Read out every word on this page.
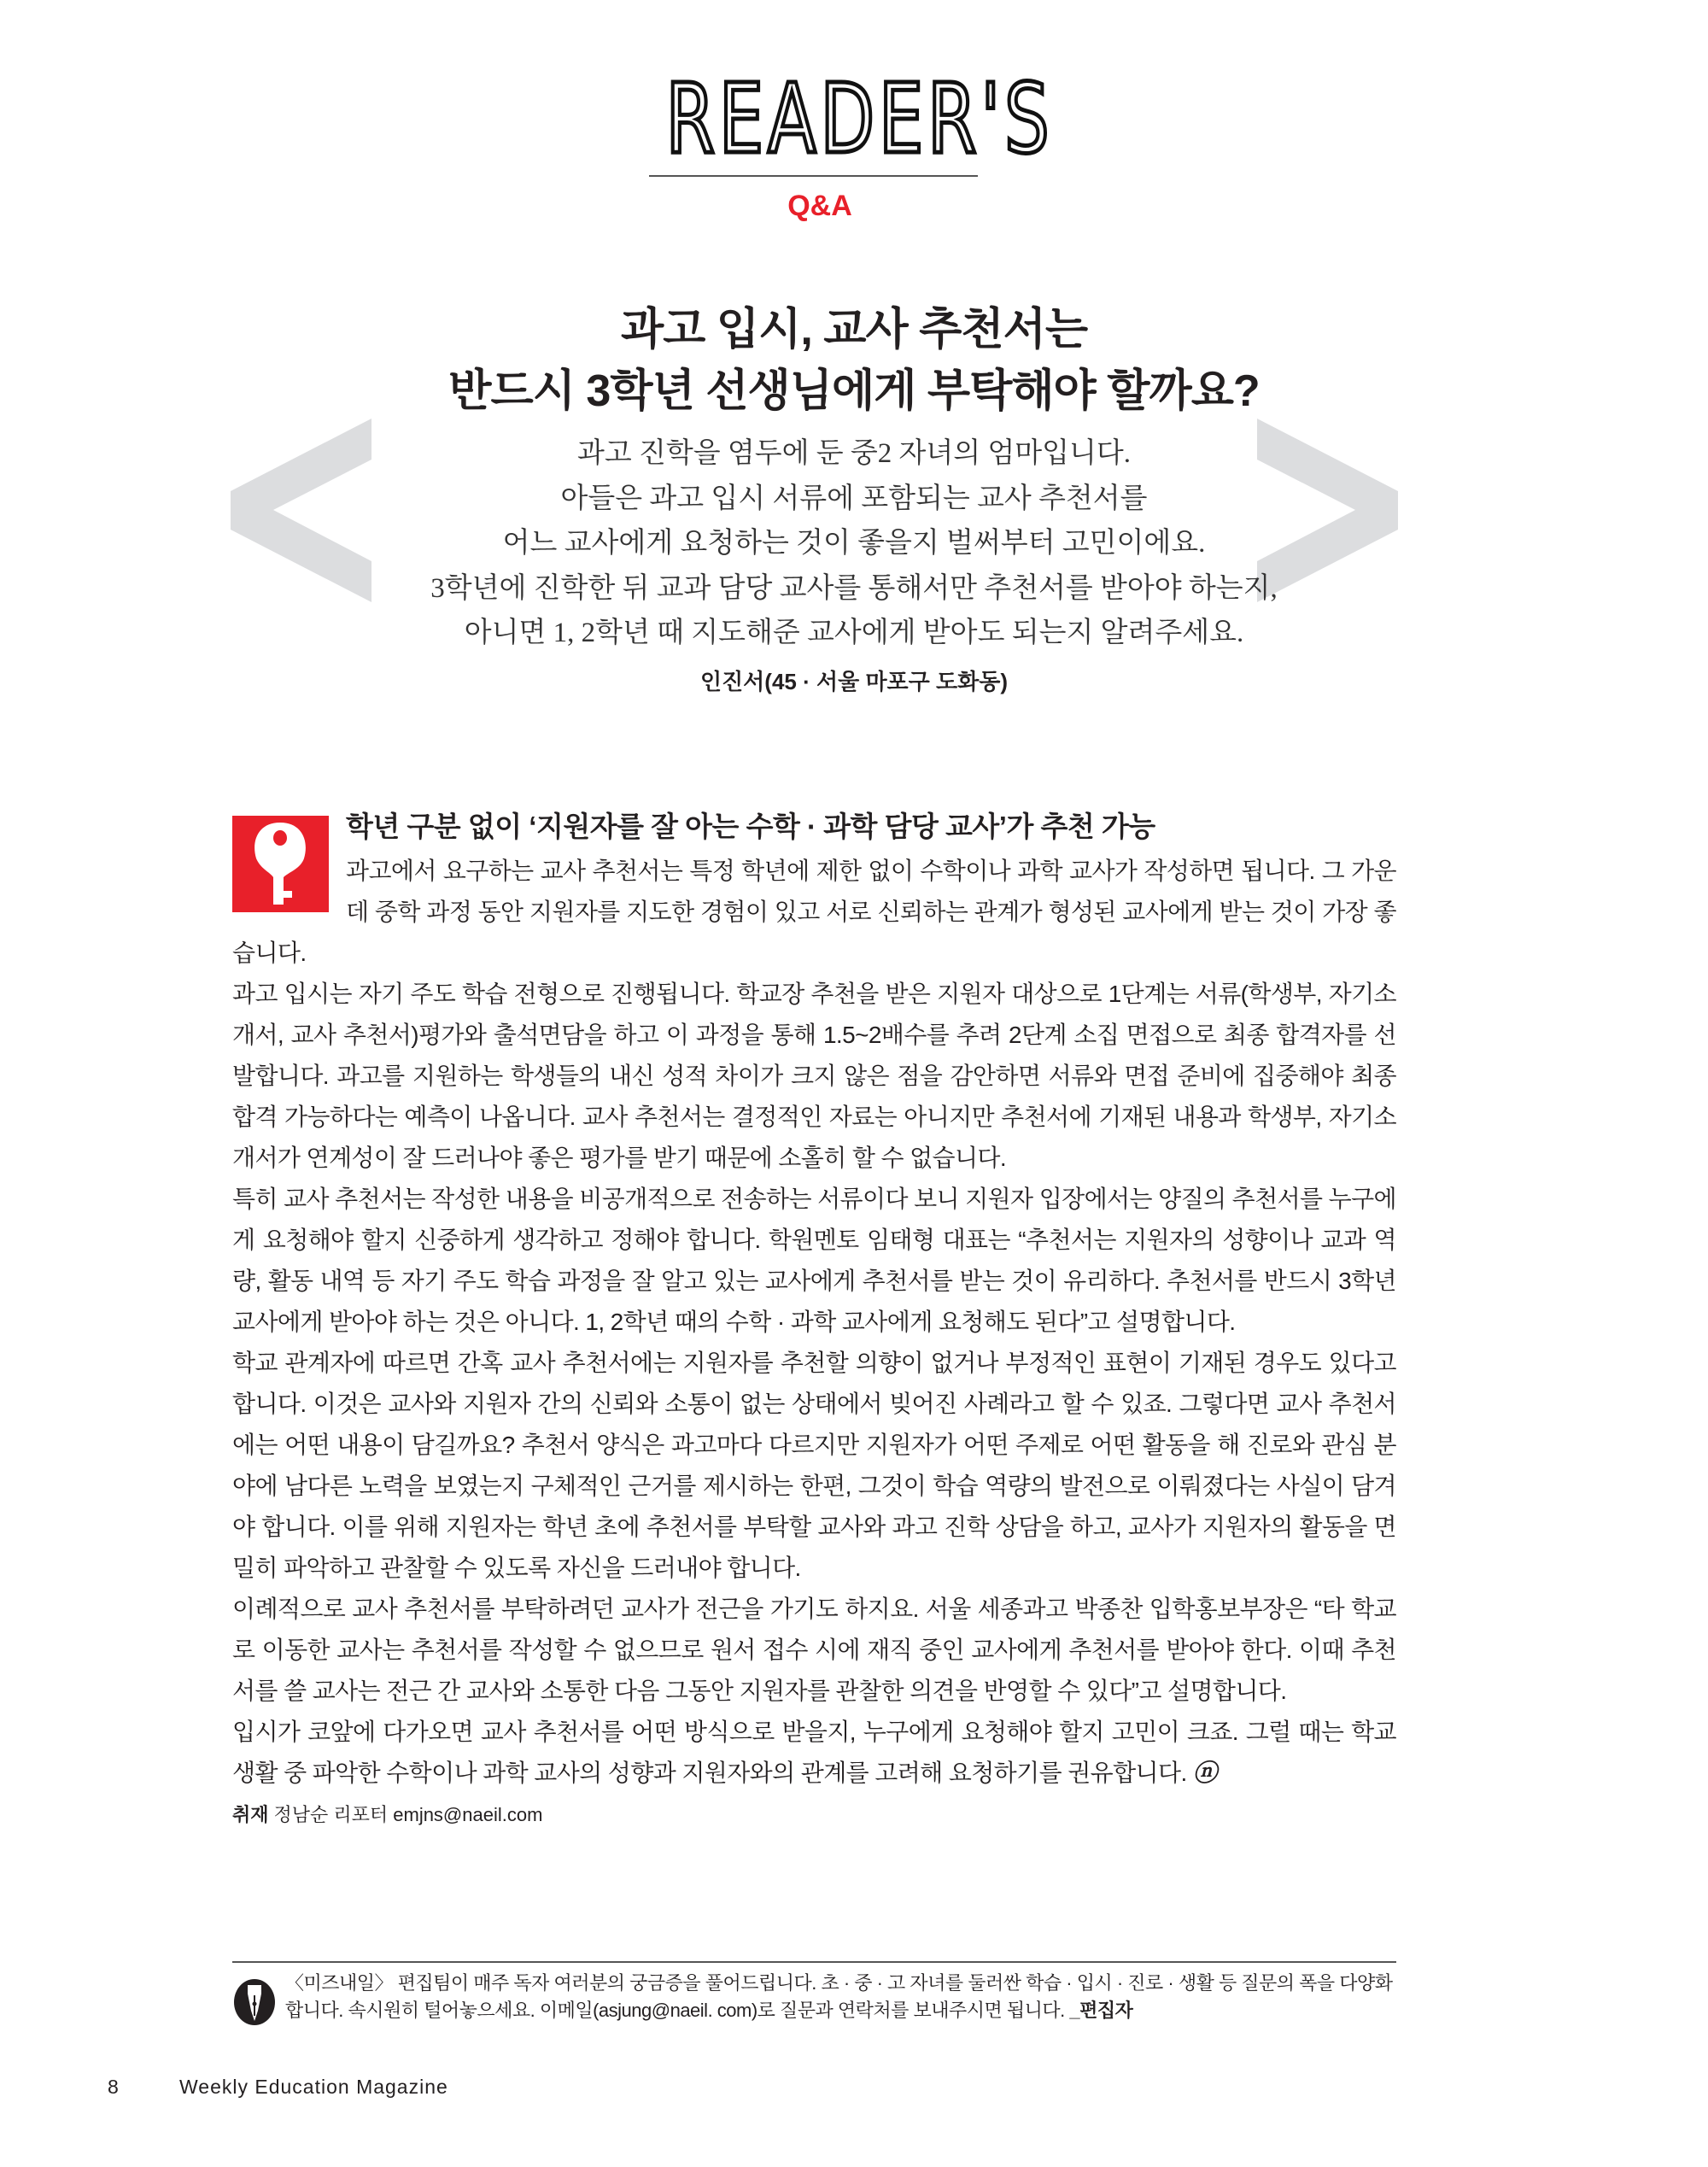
READER'S
Q&A
과고 입시, 교사 추천서는
반드시 3학년 선생님에게 부탁해야 할까요?
과고 진학을 염두에 둔 중2 자녀의 엄마입니다.
아들은 과고 입시 서류에 포함되는 교사 추천서를
어느 교사에게 요청하는 것이 좋을지 벌써부터 고민이에요.
3학년에 진학한 뒤 교과 담당 교사를 통해서만 추천서를 받아야 하는지,
아니면 1, 2학년 때 지도해준 교사에게 받아도 되는지 알려주세요.
인진서(45 · 서울 마포구 도화동)
학년 구분 없이 ‘지원자를 잘 아는 수학 · 과학 담당 교사’가 추천 가능
과고에서 요구하는 교사 추천서는 특정 학년에 제한 없이 수학이나 과학 교사가 작성하면 됩니다. 그 가운데 중학 과정 동안 지원자를 지도한 경험이 있고 서로 신뢰하는 관계가 형성된 교사에게 받는 것이 가장 좋습니다.
과고 입시는 자기 주도 학습 전형으로 진행됩니다. 학교장 추천을 받은 지원자 대상으로 1단계는 서류(학생부, 자기소개서, 교사 추천서)평가와 출석면담을 하고 이 과정을 통해 1.5~2배수를 추려 2단계 소집 면접으로 최종 합격자를 선발합니다. 과고를 지원하는 학생들의 내신 성적 차이가 크지 않은 점을 감안하면 서류와 면접 준비에 집중해야 최종 합격 가능하다는 예측이 나옵니다. 교사 추천서는 결정적인 자료는 아니지만 추천서에 기재된 내용과 학생부, 자기소개서가 연계성이 잘 드러나야 좋은 평가를 받기 때문에 소홀히 할 수 없습니다.
특히 교사 추천서는 작성한 내용을 비공개적으로 전송하는 서류이다 보니 지원자 입장에서는 양질의 추천서를 누구에게 요청해야 할지 신중하게 생각하고 정해야 합니다. 학원멘토 임태형 대표는 “추천서는 지원자의 성향이나 교과 역량, 활동 내역 등 자기 주도 학습 과정을 잘 알고 있는 교사에게 추천서를 받는 것이 유리하다. 추천서를 반드시 3학년 교사에게 받아야 하는 것은 아니다. 1, 2학년 때의 수학 · 과학 교사에게 요청해도 된다”고 설명합니다.
학교 관계자에 따르면 간혹 교사 추천서에는 지원자를 추천할 의향이 없거나 부정적인 표현이 기재된 경우도 있다고 합니다. 이것은 교사와 지원자 간의 신뢰와 소통이 없는 상태에서 빚어진 사례라고 할 수 있죠. 그렇다면 교사 추천서에는 어떤 내용이 담길까요? 추천서 양식은 과고마다 다르지만 지원자가 어떤 주제로 어떤 활동을 해 진로와 관심 분야에 남다른 노력을 보였는지 구체적인 근거를 제시하는 한편, 그것이 학습 역량의 발전으로 이뤄졌다는 사실이 담겨야 합니다. 이를 위해 지원자는 학년 초에 추천서를 부탁할 교사와 과고 진학 상담을 하고, 교사가 지원자의 활동을 면밀히 파악하고 관찰할 수 있도록 자신을 드러내야 합니다.
이례적으로 교사 추천서를 부탁하려던 교사가 전근을 가기도 하지요. 서울 세종과고 박종찬 입학홍보부장은 “타 학교로 이동한 교사는 추천서를 작성할 수 없으므로 원서 접수 시에 재직 중인 교사에게 추천서를 받아야 한다. 이때 추천서를 쓸 교사는 전근 간 교사와 소통한 다음 그동안 지원자를 관찰한 의견을 반영할 수 있다”고 설명합니다.
입시가 코앞에 다가오면 교사 추천서를 어떤 방식으로 받을지, 누구에게 요청해야 할지 고민이 크죠. 그럴 때는 학교생활 중 파악한 수학이나 과학 교사의 성향과 지원자와의 관계를 고려해 요청하기를 권유합니다. ⓝ
취재 정남순 리포터 emjns@naeil.com
〈미즈내일〉 편집팀이 매주 독자 여러분의 궁금증을 풀어드립니다. 초 · 중 · 고 자녀를 둘러싼 학습 · 입시 · 진로 · 생활 등 질문의 폭을 다양화합니다. 속시원히 털어놓으세요. 이메일(asjung@naeil. com)로 질문과 연락처를 보내주시면 됩니다. _편집자
8	Weekly Education Magazine
